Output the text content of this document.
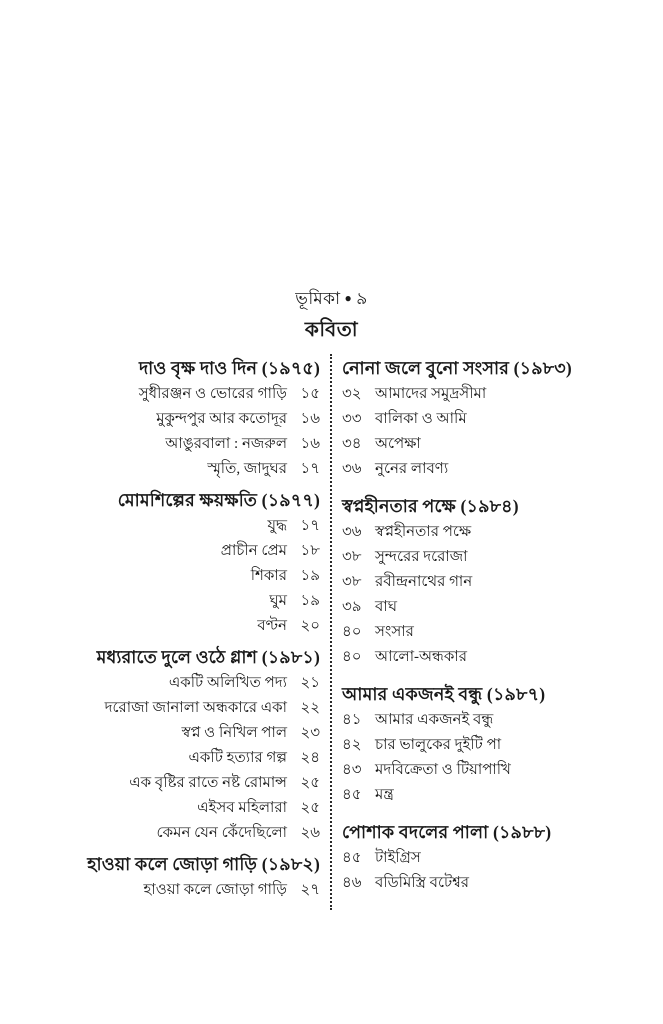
ভূমিকা ● ৯
কবিতা
দাও বৃক্ষ দাও দিন (১৯৭৫)
সুধীরঞ্জন ও ভোরের গাড়ি ১৫
মুকুন্দপুর আর কতোদূর ১৬
আঙুরবালা : নজরুল ১৬
স্মৃতি, জাদুঘর ১৭
মোমশিল্পের ক্ষয়ক্ষতি (১৯৭৭)
যুদ্ধ ১৭
প্রাচীন প্রেম ১৮
শিকার ১৯
ঘুম ১৯
বণ্টন ২০
মধ্যরাতে দুলে ওঠে গ্লাশ (১৯৮১)
একটি অলিখিত পদ্য ২১
দরোজা জানালা অন্ধকারে একা ২২
স্বপ্ন ও নিখিল পাল ২৩
একটি হত্যার গল্প ২৪
এক বৃষ্টির রাতে নষ্ট রোমান্স ২৫
এইসব মহিলারা ২৫
কেমন যেন কেঁদেছিলো ২৬
হাওয়া কলে জোড়া গাড়ি (১৯৮২)
হাওয়া কলে জোড়া গাড়ি ২৭
নোনা জলে বুনো সংসার (১৯৮৩)
৩২ আমাদের সমুদ্রসীমা
৩৩ বালিকা ও আমি
৩৪ অপেক্ষা
৩৬ নুনের লাবণ্য
স্বপ্নহীনতার পক্ষে (১৯৮৪)
৩৬ স্বপ্নহীনতার পক্ষে
৩৮ সুন্দরের দরোজা
৩৮ রবীন্দ্রনাথের গান
৩৯ বাঘ
৪০ সংসার
৪০ আলো-অন্ধকার
আমার একজনই বন্ধু (১৯৮৭)
৪১ আমার একজনই বন্ধু
৪২ চার ভালুকের দুইটি পা
৪৩ মদবিক্রেতা ও টিয়াপাখি
৪৫ মন্ত্র
পোশাক বদলের পালা (১৯৮৮)
৪৫ টাইগ্রিস
৪৬ বডিমিস্ত্রি বটেশ্বর
